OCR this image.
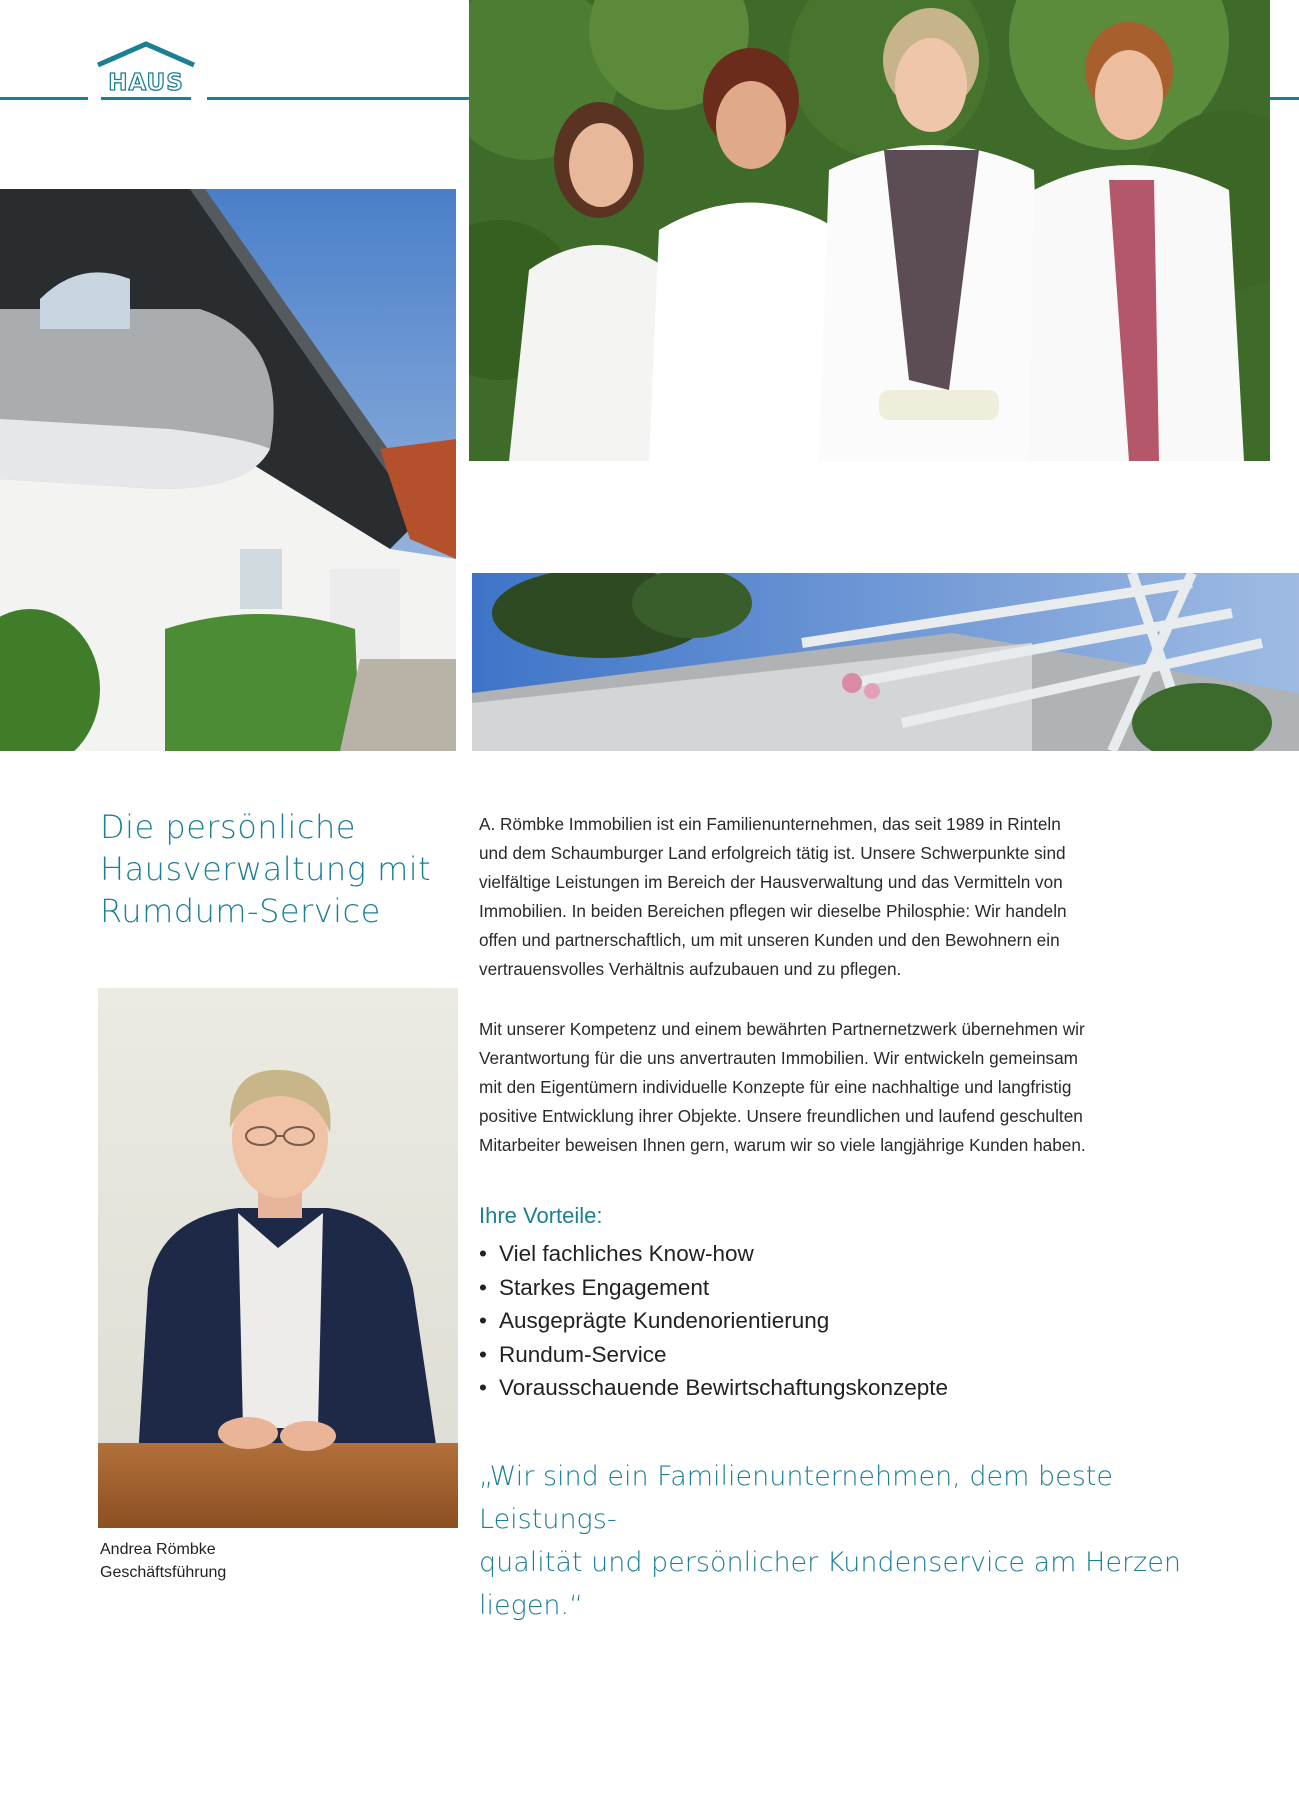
HAUS
Die persönliche
Hausverwaltung mit
Rumdum-Service
A. Römbke Immobilien ist ein Familienunternehmen, das seit 1989 in Rinteln
und dem Schaumburger Land erfolgreich tätig ist. Unsere Schwerpunkte sind
vielfältige Leistungen im Bereich der Hausverwaltung und das Vermitteln von
Immobilien. In beiden Bereichen pflegen wir dieselbe Philosphie: Wir handeln
offen und partnerschaftlich, um mit unseren Kunden und den Bewohnern ein
vertrauensvolles Verhältnis aufzubauen und zu pflegen.
Mit unserer Kompetenz und einem bewährten Partnernetzwerk übernehmen wir
Verantwortung für die uns anvertrauten Immobilien. Wir entwickeln gemeinsam
mit den Eigentümern individuelle Konzepte für eine nachhaltige und langfristig
positive Entwicklung ihrer Objekte. Unsere freundlichen und laufend geschulten
Mitarbeiter beweisen Ihnen gern, warum wir so viele langjährige Kunden haben.
Ihre Vorteile:
• Viel fachliches Know-how
• Starkes Engagement
• Ausgeprägte Kundenorientierung
• Rundum-Service
• Vorausschauende Bewirtschaftungskonzepte
„Wir sind ein Familienunternehmen, dem beste Leistungs-
qualität und persönlicher Kundenservice am Herzen liegen.“
Andrea Römbke
Geschäftsführung
